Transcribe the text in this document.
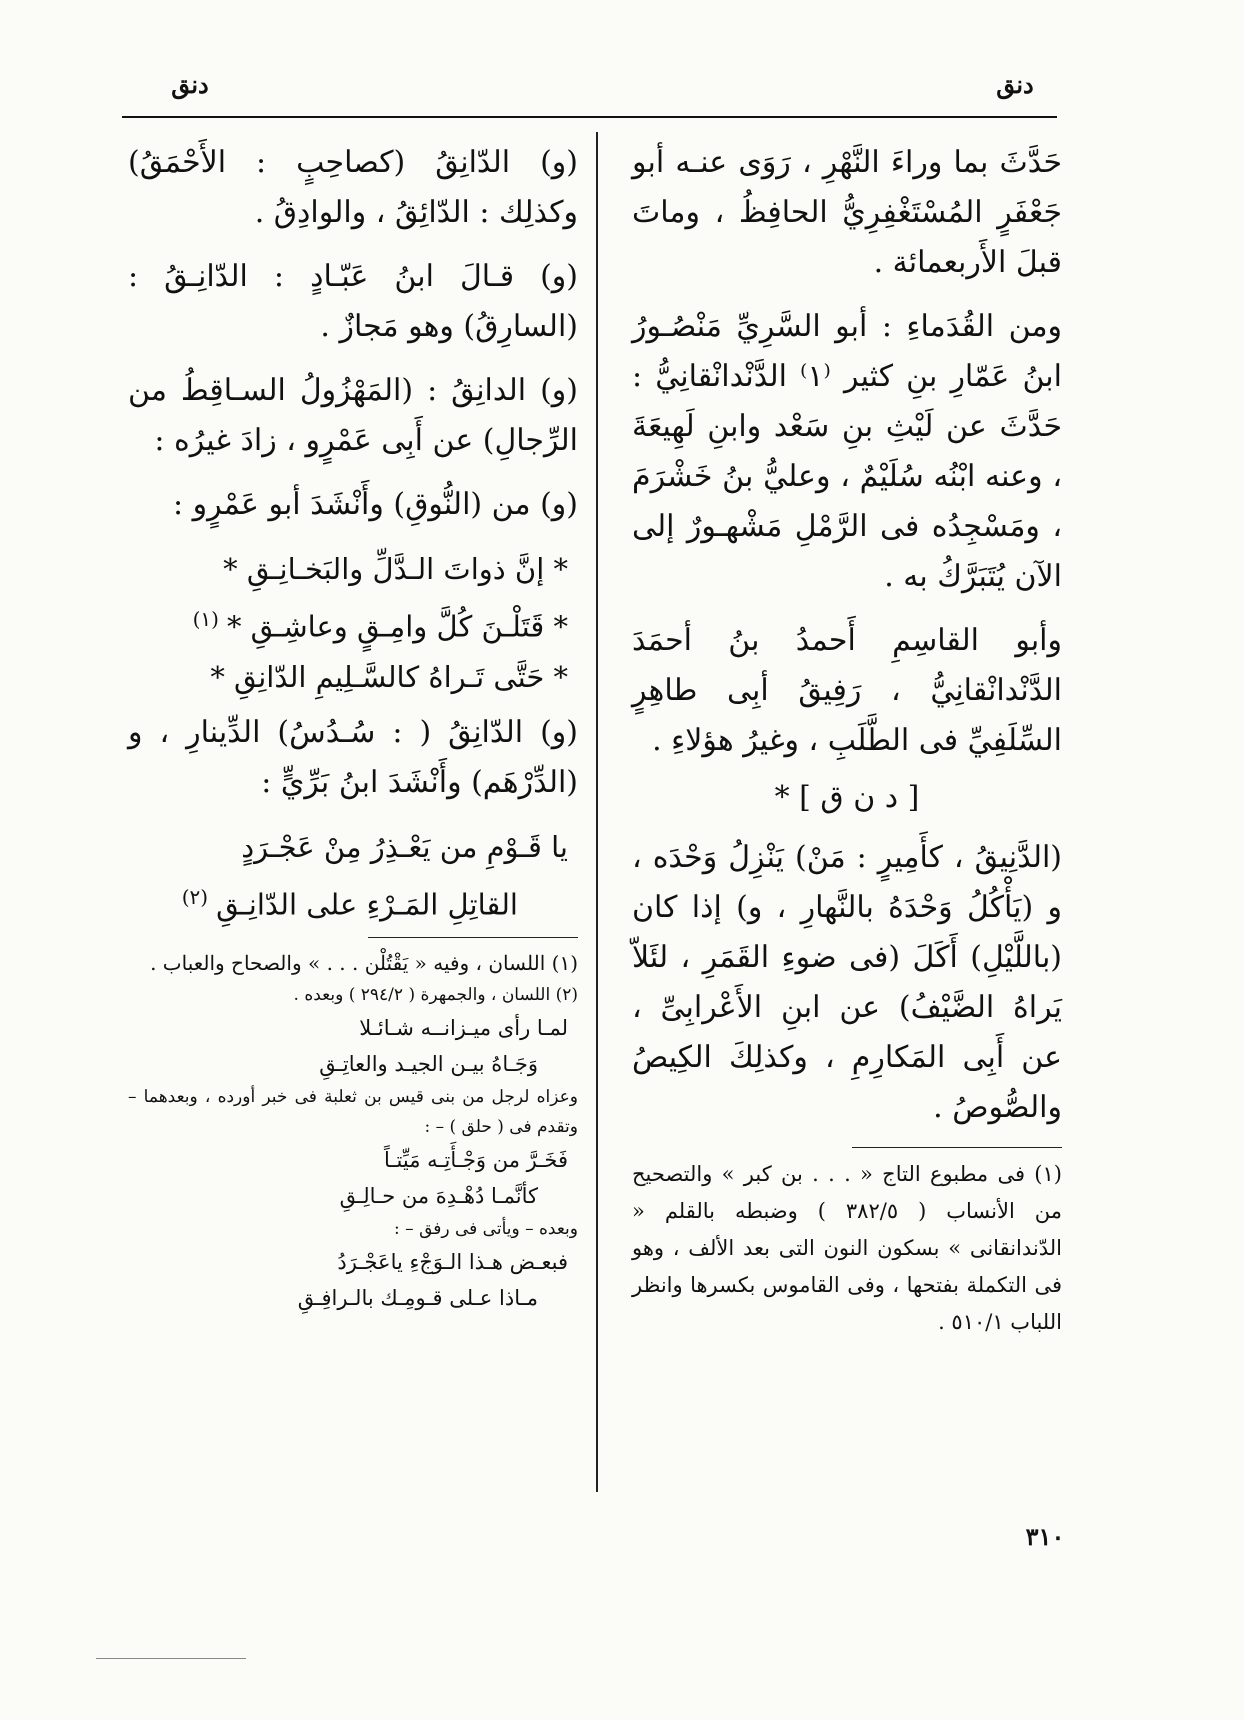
دنق
دنق

حَدَّثَ بما وراءَ النَّهْرِ ، رَوَى عنـه أبو جَعْفَرٍ المُسْتَغْفِرِيُّ الحافِظُ ، وماتَ قبلَ الأَربعمائة .

ومن القُدَماءِ : أبو السَّرِيِّ مَنْصُـورُ ابنُ عَمّارِ بنِ كثير ⁽١⁾ الدَّنْدانْقانِيُّ : حَدَّثَ عن لَيْثِ بنِ سَعْد وابنِ لَهِيعَةَ ، وعنه ابْنُه سُلَيْمٌ ، وعليُّ بنُ خَشْرَمَ ، ومَسْجِدُه فى الرَّمْلِ مَشْهـورٌ إلى الآن يُتَبَرَّكُ به .

وأبو القاسِمِ أَحمدُ بنُ أحمَدَ الدَّنْدانْقانِيُّ ، رَفِيقُ أبِى طاهِرٍ السِّلَفِيِّ فى الطَّلَبِ ، وغيرُ هؤلاءِ .

[ د ن ق ] *

(الدَّنِيقُ ، كأَمِيرٍ : مَنْ) يَنْزِلُ وَحْدَه ، و (يَأْكُلُ وَحْدَهُ بالنَّهارِ ، و) إذا كان (باللَّيْلِ) أَكَلَ (فى ضوءِ القَمَرِ ، لئَلاّ يَراهُ الضَّيْفُ) عن ابنِ الأَعْرابِىِّ ، عن أَبِى المَكارِمِ ، وكذلِكَ الكِيصُ والصُّوصُ .

(١) فى مطبوع التاج « . . . بن كبر » والتصحيح من الأنساب ( ٣٨٢/٥ ) وضبطه بالقلم « الدّندانقانى » بسكون النون التى بعد الألف ، وهو فى التكملة بفتحها ، وفى القاموس بكسرها وانظر اللباب ٥١٠/١ .

(و) الدّانِقُ (كصاحِبٍ : الأَحْمَقُ) وكذلِك : الدّائِقُ ، والوادِقُ .

(و) قـالَ ابنُ عَبّـادٍ : الدّانِـقُ : (السارِقُ) وهو مَجازٌ .

(و) الدانِقُ : (المَهْزُولُ السـاقِطُ من الرِّجالِ) عن أَبِى عَمْرٍو ، زادَ غيرُه :

(و) من (النُّوقِ) وأَنْشَدَ أبو عَمْرٍو :

* إنَّ ذواتَ الـدَّلِّ والبَخـانِـقِ *

* قَتَلْـنَ كُلَّ وامِـقٍ وعاشِـقِ *$^{(١)}$

* حَتَّى تَـراهُ كالسَّـلِيمِ الدّانِقِ *

(و) الدّانِقُ ( : سُـدُسُ) الدِّينارِ ، و (الدِّرْهَم) وأَنْشَدَ ابنُ بَرِّيٍّ :

يا قَـوْمِ من يَعْـذِرُ مِنْ عَجْـرَدٍ

القاتِلِ المَـرْءِ على الدّانِـقِ$^{(٢)}$

(١) اللسان ، وفيه « يَقْتُلْن . . . » والصحاح والعباب .

(٢) اللسان ، والجمهرة ( ٢٩٤/٢ ) وبعده .

لمـا رأى ميـزانــه شـائـلا

وَجَـاهُ بيـن الجيـد والعاتِـقِ

وعزاه لرجل من بنى قيس بن ثعلبة فى خبر أورده ، وبعدهما – وتقدم فى ( حلق ) – :

فَخَـرَّ من وَجْـأَتِـه مَيِّتـاً

كأنَّمـا دُهْـدِهَ من حـالِـقِ

وبعده – ويأتى فى رفق – :

فبعـض هـذا الـوَجْءِ ياعَجْـرَدُ

مـاذا عـلى قـومِـك بالـرافِـقِ

٣١٠
